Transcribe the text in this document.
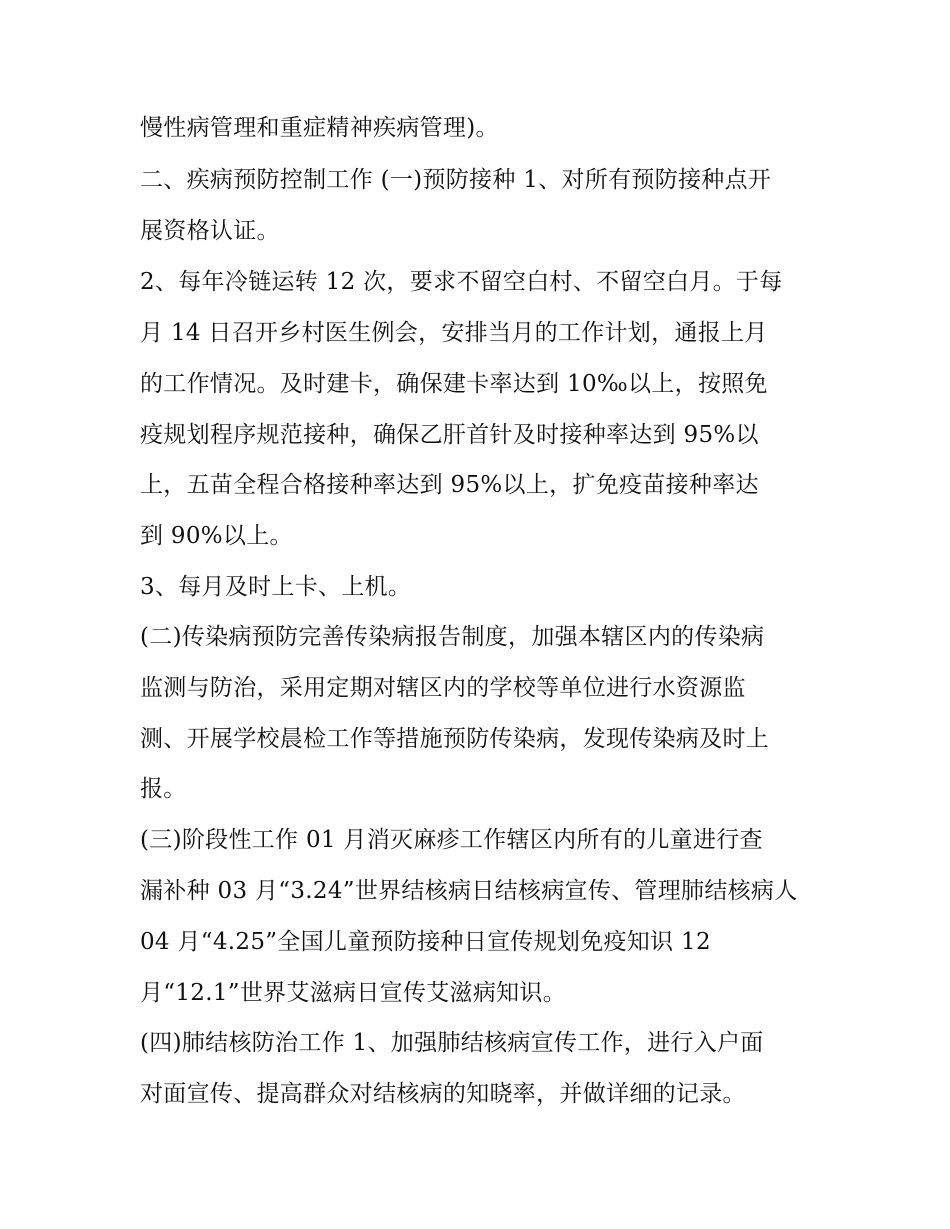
慢性病管理和重症精神疾病管理)。
二、疾病预防控制工作 (一)预防接种 1、对所有预防接种点开
展资格认证。
2、每年冷链运转 12 次，要求不留空白村、不留空白月。于每
月 14 日召开乡村医生例会，安排当月的工作计划，通报上月
的工作情况。及时建卡，确保建卡率达到 10‰以上，按照免
疫规划程序规范接种，确保乙肝首针及时接种率达到 95%以
上，五苗全程合格接种率达到 95%以上，扩免疫苗接种率达
到 90%以上。
3、每月及时上卡、上机。
(二)传染病预防完善传染病报告制度，加强本辖区内的传染病
监测与防治，采用定期对辖区内的学校等单位进行水资源监
测、开展学校晨检工作等措施预防传染病，发现传染病及时上
报。
(三)阶段性工作 01 月消灭麻疹工作辖区内所有的儿童进行查
漏补种 03 月“3.24”世界结核病日结核病宣传、管理肺结核病人
04 月“4.25”全国儿童预防接种日宣传规划免疫知识 12
月“12.1”世界艾滋病日宣传艾滋病知识。
(四)肺结核防治工作 1、加强肺结核病宣传工作，进行入户面
对面宣传、提高群众对结核病的知晓率，并做详细的记录。
